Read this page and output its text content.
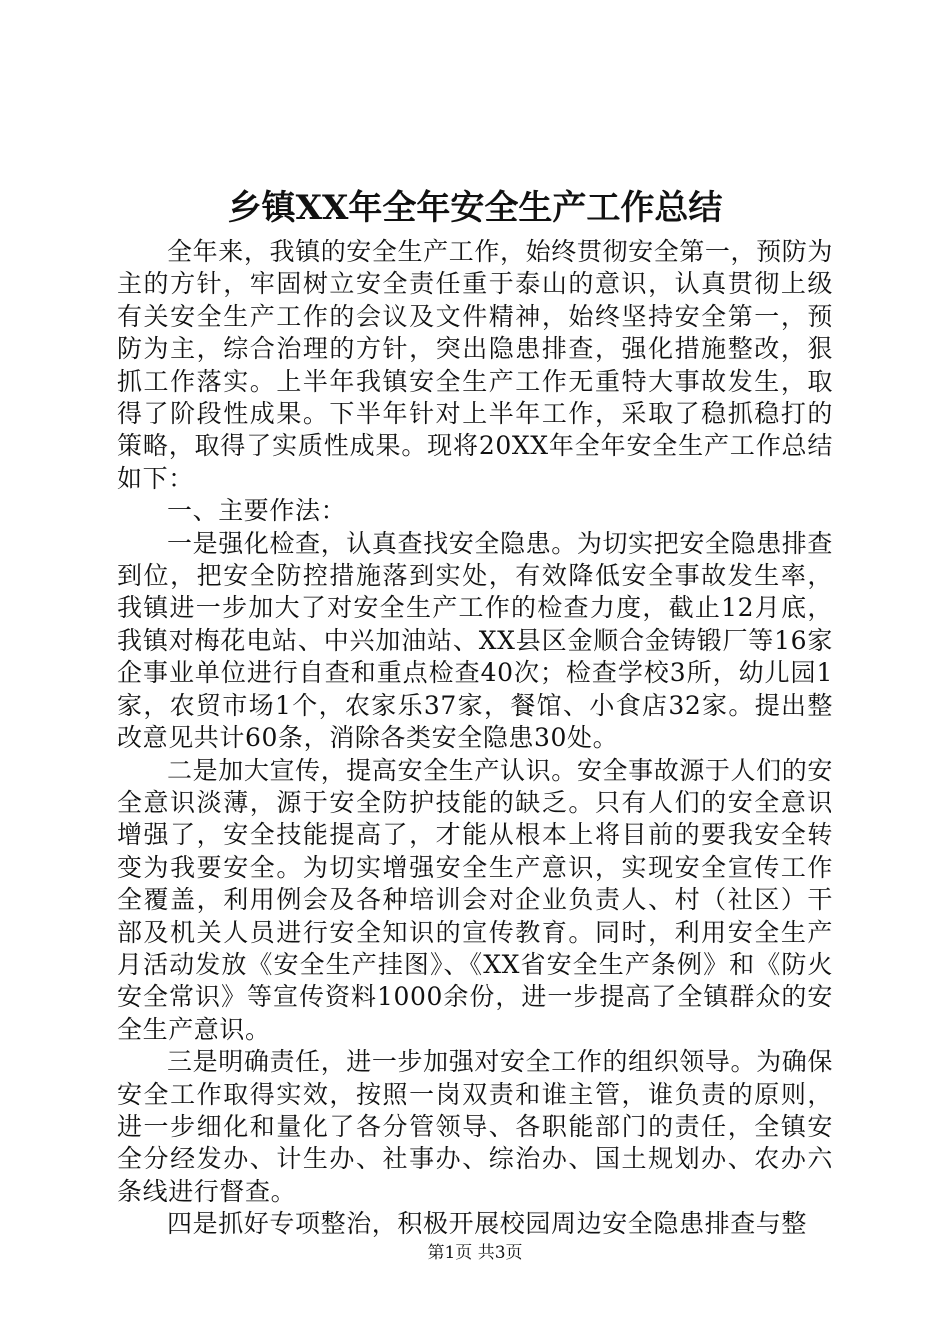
乡镇XX年全年安全生产工作总结

全年来，我镇的安全生产工作，始终贯彻安全第一，预防为主的方针，牢固树立安全责任重于泰山的意识，认真贯彻上级有关安全生产工作的会议及文件精神，始终坚持安全第一，预防为主，综合治理的方针，突出隐患排查，强化措施整改，狠抓工作落实。上半年我镇安全生产工作无重特大事故发生，取得了阶段性成果。下半年针对上半年工作，采取了稳抓稳打的策略，取得了实质性成果。现将20XX年全年安全生产工作总结如下：

一、主要作法：

一是强化检查，认真查找安全隐患。为切实把安全隐患排查到位，把安全防控措施落到实处，有效降低安全事故发生率，我镇进一步加大了对安全生产工作的检查力度，截止12月底，我镇对梅花电站、中兴加油站、XX县区金顺合金铸锻厂等16家企事业单位进行自查和重点检查40次；检查学校3所，幼儿园1家，农贸市场1个，农家乐37家，餐馆、小食店32家。提出整改意见共计60条，消除各类安全隐患30处。

二是加大宣传，提高安全生产认识。安全事故源于人们的安全意识淡薄，源于安全防护技能的缺乏。只有人们的安全意识增强了，安全技能提高了，才能从根本上将目前的要我安全转变为我要安全。为切实增强安全生产意识，实现安全宣传工作全覆盖，利用例会及各种培训会对企业负责人、村（社区）干部及机关人员进行安全知识的宣传教育。同时，利用安全生产月活动发放《安全生产挂图》、《XX省安全生产条例》和《防火安全常识》等宣传资料1000余份，进一步提高了全镇群众的安全生产意识。

三是明确责任，进一步加强对安全工作的组织领导。为确保安全工作取得实效，按照一岗双责和谁主管，谁负责的原则，进一步细化和量化了各分管领导、各职能部门的责任，全镇安全分经发办、计生办、社事办、综治办、国土规划办、农办六条线进行督查。

四是抓好专项整治，积极开展校园周边安全隐患排查与整

第1页 共3页
